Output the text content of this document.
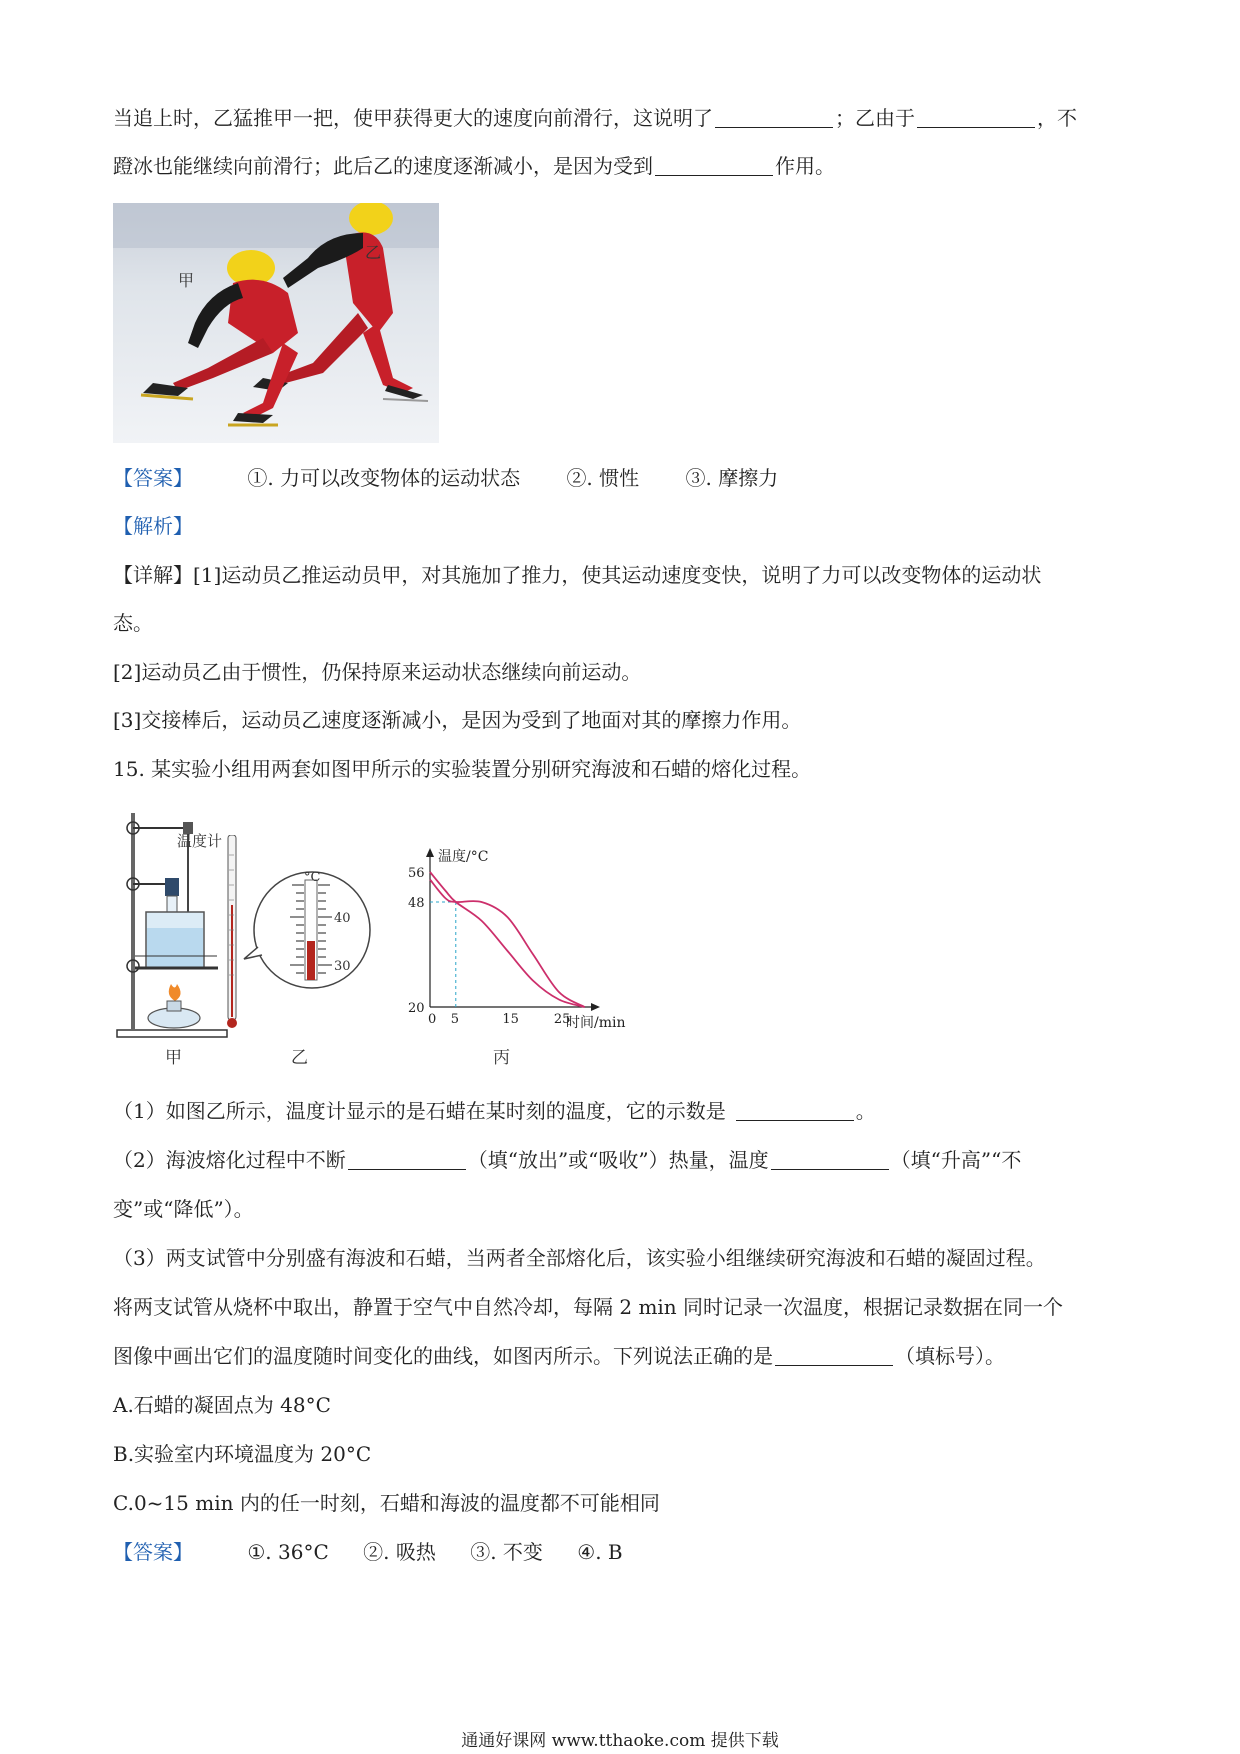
当追上时，乙猛推甲一把，使甲获得更大的速度向前滑行，这说明了	；乙由于	，不
蹬冰也能继续向前滑行；此后乙的速度逐渐减小，是因为受到	作用。
甲
乙
【答案】	①. 力可以改变物体的运动状态 ②. 惯性 ③. 摩擦力
【解析】
【详解】[1]运动员乙推运动员甲，对其施加了推力，使其运动速度变快，说明了力可以改变物体的运动状
态。
[2]运动员乙由于惯性，仍保持原来运动状态继续向前运动。
[3]交接棒后，运动员乙速度逐渐减小，是因为受到了地面对其的摩擦力作用。
15. 某实验小组用两套如图甲所示的实验装置分别研究海波和石蜡的熔化过程。
温度计
°C
40
30
温度/°C
时间/min
0 5	15	25
20
48
56
甲	乙	丙
（1）如图乙所示，温度计显示的是石蜡在某时刻的温度，它的示数是	。
（2）海波熔化过程中不断	（填“放出”或“吸收”）热量，温度	（填“升高”“不
变”或“降低”）。
（3）两支试管中分别盛有海波和石蜡，当两者全部熔化后，该实验小组继续研究海波和石蜡的凝固过程。
将两支试管从烧杯中取出，静置于空气中自然冷却，每隔 2 min 同时记录一次温度，根据记录数据在同一个
图像中画出它们的温度随时间变化的曲线，如图丙所示。下列说法正确的是	（填标号）。
A.石蜡的凝固点为 48°C
B.实验室内环境温度为 20°C
C.0~15 min 内的任一时刻，石蜡和海波的温度都不可能相同
【答案】	①. 36°C ②. 吸热 ③. 不变 ④. B
通通好课网 www.tthaoke.com 提供下载
